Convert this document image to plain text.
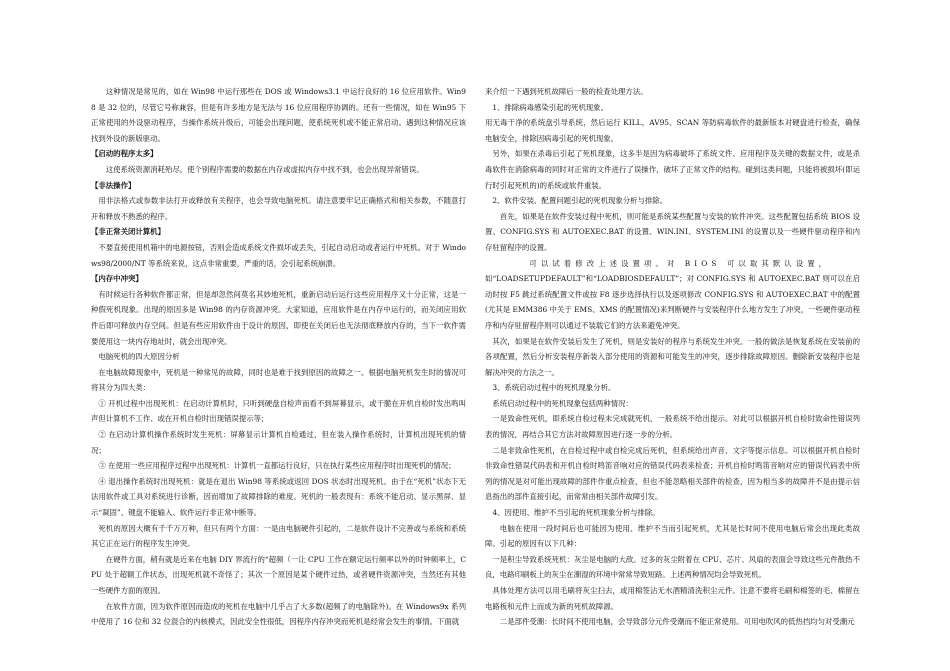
这种情况是常见的，如在 Win98 中运行那些在 DOS 或 Windows3.1 中运行良好的 16 位应用软件。Win98 是 32 位的，尽管它号称兼容，但是有许多地方是无法与 16 位应用程序协调的。还有一些情况，如在 Win95 下正常使用的外设驱动程序，当操作系统升级后，可能会出现问题，使系统死机或不能正常启动。遇到这种情况应该找到外设的新版驱动。

【启动的程序太多】

这使系统资源消耗殆尽，使个别程序需要的数据在内存或虚拟内存中找不到，也会出现异常错误。

【非法操作】

用非法格式或参数非法打开或释放有关程序，也会导致电脑死机。请注意要牢记正确格式和相关参数，不随意打开和释放不熟悉的程序。

【非正常关闭计算机】

不要直接使用机箱中的电源按钮，否则会造成系统文件损坏或丢失，引起自动启动或者运行中死机。对于 Windows98/2000/NT 等系统来说，这点非常重要，严重的话，会引起系统崩溃。

【内存中冲突】

有时候运行各种软件都正常，但是却忽然间莫名其妙地死机，重新启动后运行这些应用程序又十分正常，这是一种假死机现象。出现的原因多是 Win98 的内存资源冲突。大家知道，应用软件是在内存中运行的，而关闭应用软件后即可释放内存空间。但是有些应用软件由于设计的原因，即使在关闭后也无法彻底释放内存的，当下一软件需要使用这一块内存地址时，就会出现冲突。

电脑死机的四大原因分析

在电脑故障现象中，死机是一种常见的故障，同时也是难于找到原因的故障之一。根据电脑死机发生时的情况可将其分为四大类：

① 开机过程中出现死机：在启动计算机时，只听到硬盘自检声而看不到屏幕显示，或干脆在开机自检时发出鸣叫声但计算机不工作、或在开机自检时出现错误提示等；

② 在启动计算机操作系统时发生死机：屏幕显示计算机自检通过，但在装入操作系统时，计算机出现死机的情况；

③ 在使用一些应用程序过程中出现死机：计算机一直都运行良好，只在执行某些应用程序时出现死机的情况；

④ 退出操作系统时出现死机：就是在退出 Win98 等系统或返回 DOS 状态时出现死机。由于在“死机”状态下无法用软件或工具对系统进行诊断，因而增加了故障排除的难度。死机的一般表现有：系统不能启动、显示黑屏、显示“凝固”、键盘不能输入、软件运行非正常中断等。

死机的原因大概有千千万万种，但只有两个方面：一是由电脑硬件引起的，二是软件设计不完善或与系统和系统其它正在运行的程序发生冲突。

在硬件方面，稍有就是近来在电脑 DIY 界流行的“超频（一让 CPU 工作在额定运行频率以外的时钟频率上，CPU 处于超额工作状态，出现死机就不奇怪了；其次一个原因是某个硬件过热，或者硬件资源冲突，当然还有其他一些硬件方面的原因。

在软件方面，因为软件原因而造成的死机在电脑中几乎占了大多数(超频了的电脑除外)。在 Windows9x 系列中使用了 16 位和 32 位混合的内核模式，因此安全性很低，因程序内存冲突而死机是经常会发生的事情。下面就

来介绍一下遇到死机故障后一般的检查处理方法。

1、排除病毒感染引起的死机现象。

用无毒干净的系统盘引导系统，然后运行 KILL，AV95、SCAN 等防病毒软件的最新版本对硬盘进行检查，确保电脑安全，排除因病毒引起的死机现象。

另外，如果在杀毒后引起了死机现象，这多半是因为病毒破坏了系统文件、应用程序及关键的数据文件，或是杀毒软件在消除病毒的同时对正常的文件进行了误操作，破坏了正常文件的结构。碰到这类问题，只能将被损坏(即运行时引起死机的)的系统或软件重装。

2、软件安装、配置问题引起的死机现象分析与排除。

首先，如果是在软件安装过程中死机，则可能是系统某些配置与安装的软件冲突。这些配置包括系统 BIOS 设置、CONFIG.SYS 和 AUTOEXEC.BAT 的设置、WIN.INI、SYSTEM.INI 的设置以及一些硬件驱动程序和内存驻留程序的设置。

可以试着修改上述设置项。对 BIOS 可以取其默认设置，

如“LOADSETUPDEFAULT”和“LOADBIOSDEFAULT”；对 CONFIG.SYS 和 AUTOEXEC.BAT 则可以在启动时按 F5 跳过系统配置文件或按 F8 逐步选择执行以及逐项修改 CONFIG.SYS 和 AUTOEXEC.BAT 中的配置(尤其是 EMM386 中关于 EMS、XMS 的配置情况)来判断硬件与安装程序什么地方发生了冲突，一些硬件驱动程序和内存驻留程序则可以通过不装载它们的方法来避免冲突。

其次，如果是在软件安装后发生了死机，则是安装好的程序与系统发生冲突。一般的做法是恢复系统在安装前的各项配置，然后分析安装程序新装入部分使用的资源和可能发生的冲突，逐步排除故障原因。删除新安装程序也是解决冲突的方法之一。

3、系统启动过程中的死机现象分析。

系统启动过程中的死机现象包括两种情况：

一是致命性死机，即系统自检过程未完成就死机，一般系统不给出提示。对此可以根据开机自检时致命性错误列表的情况，再结合其它方法对故障原因进行逐一步的分析。

二是非致命性死机，在自检过程中或自检完成后死机，但系统给出声音、文字等提示信息。可以根据开机自检时非致命性错误代码表和开机自检时鸣笛音响对应的错误代码表来检查；开机自检时鸣笛音响对应的错误代码表中所列的情况是对可能出现故障的部件作重点检查，但也不能忽略相关部件的检查，因为相当多的故障并不是由提示信息指出的部件直接引起，而常常由相关部件故障引发。

4、因使用、维护不当引起的死机现象分析与排除。

电脑在使用一段时间后也可能因为使用、维护不当而引起死机，尤其是长时间不使用电脑后常会出现此类故障。引起的原因有以下几种：

一是积尘导致系统死机：灰尘是电脑的大敌。过多的灰尘附着在 CPU、芯片、风扇的表面会导致这些元件散热不良，电路印刷板上的灰尘在潮湿的环境中常常导致短路。上述两种情况均会导致死机。

具体处理方法可以用毛刷将灰尘扫去，或用棉签沾无水酒精清洗积尘元件。注意不要将毛刷和棉签的毛、棉留在电路板和元件上而成为新的死机故障源。

二是部件受潮：长时间不使用电脑，会导致部分元件受潮而不能正常使用。可用电吹风的低热挡均匀对受潮元
